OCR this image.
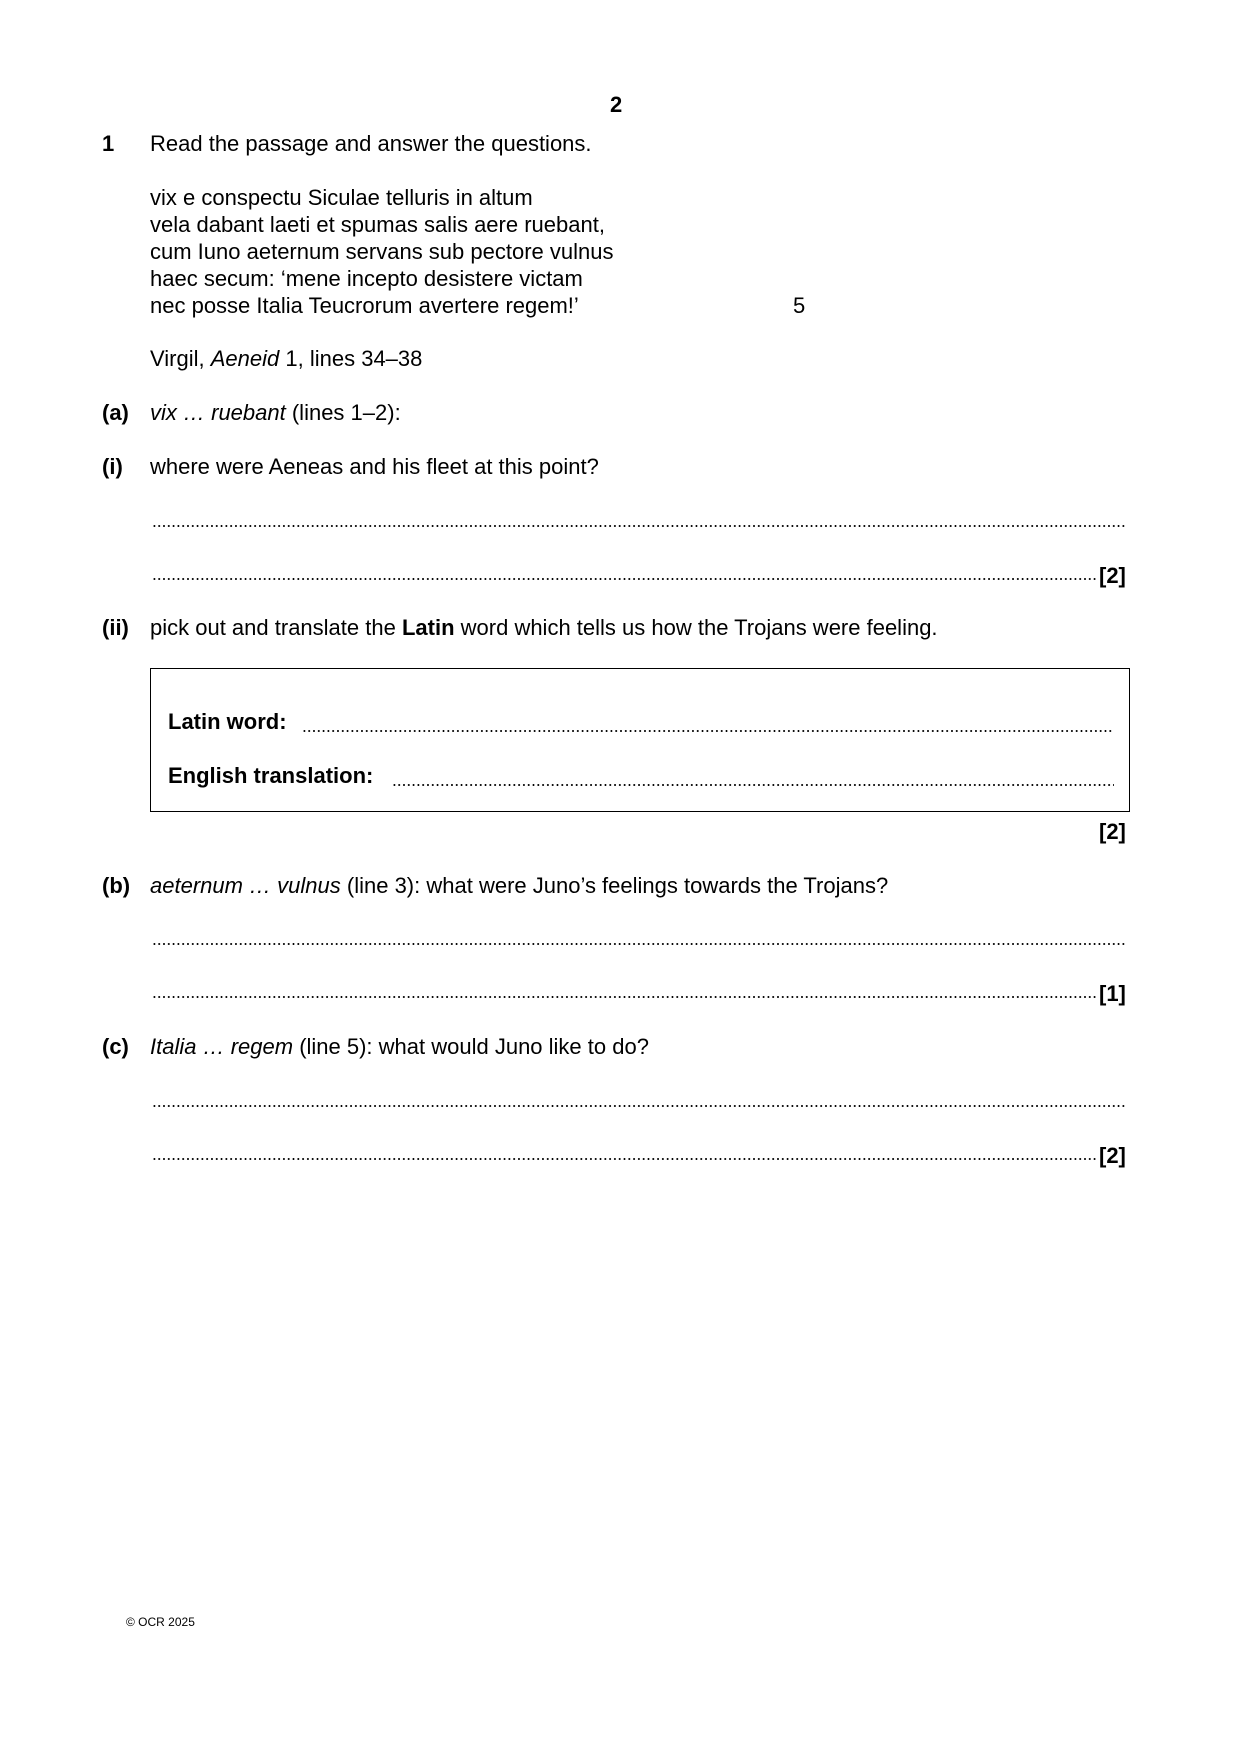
2
1 Read the passage and answer the questions.
vix e conspectu Siculae telluris in altum
vela dabant laeti et spumas salis aere ruebant,
cum Iuno aeternum servans sub pectore vulnus
haec secum: ‘mene incepto desistere victam
nec posse Italia Teucrorum avertere regem!’	5
Virgil, Aeneid 1, lines 34–38
(a) vix … ruebant (lines 1–2):
(i) where were Aeneas and his fleet at this point?
[2]
(ii) pick out and translate the Latin word which tells us how the Trojans were feeling.
Latin word:
English translation:
[2]
(b) aeternum … vulnus (line 3): what were Juno’s feelings towards the Trojans?
[1]
(c) Italia … regem (line 5): what would Juno like to do?
[2]
© OCR 2025
